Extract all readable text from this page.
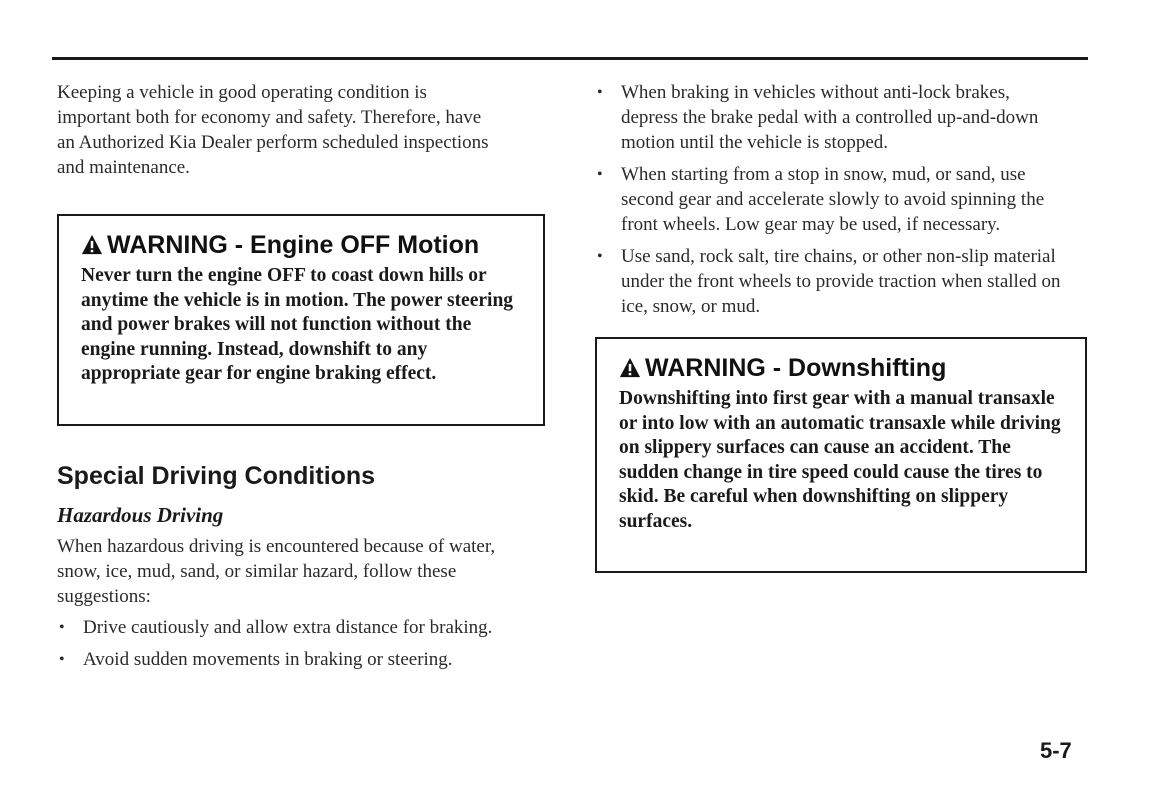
Keeping a vehicle in good operating condition is important both for economy and safety. Therefore, have an Authorized Kia Dealer perform scheduled inspections and maintenance.

WARNING - Engine OFF Motion
Never turn the engine OFF to coast down hills or anytime the vehicle is in motion. The power steering and power brakes will not function without the engine running. Instead, downshift to any appropriate gear for engine braking effect.
Special Driving Conditions
Hazardous Driving

When hazardous driving is encountered because of water, snow, ice, mud, sand, or similar hazard, follow these suggestions:

• Drive cautiously and allow extra distance for braking.
• Avoid sudden movements in braking or steering.
• When braking in vehicles without anti-lock brakes, depress the brake pedal with a controlled up-and-down motion until the vehicle is stopped.
• When starting from a stop in snow, mud, or sand, use second gear and accelerate slowly to avoid spinning the front wheels. Low gear may be used, if necessary.
• Use sand, rock salt, tire chains, or other non-slip material under the front wheels to provide traction when stalled on ice, snow, or mud.
WARNING - Downshifting
Downshifting into first gear with a manual transaxle or into low with an automatic transaxle while driving on slippery surfaces can cause an accident. The sudden change in tire speed could cause the tires to skid. Be careful when downshifting on slippery surfaces.
5-7
